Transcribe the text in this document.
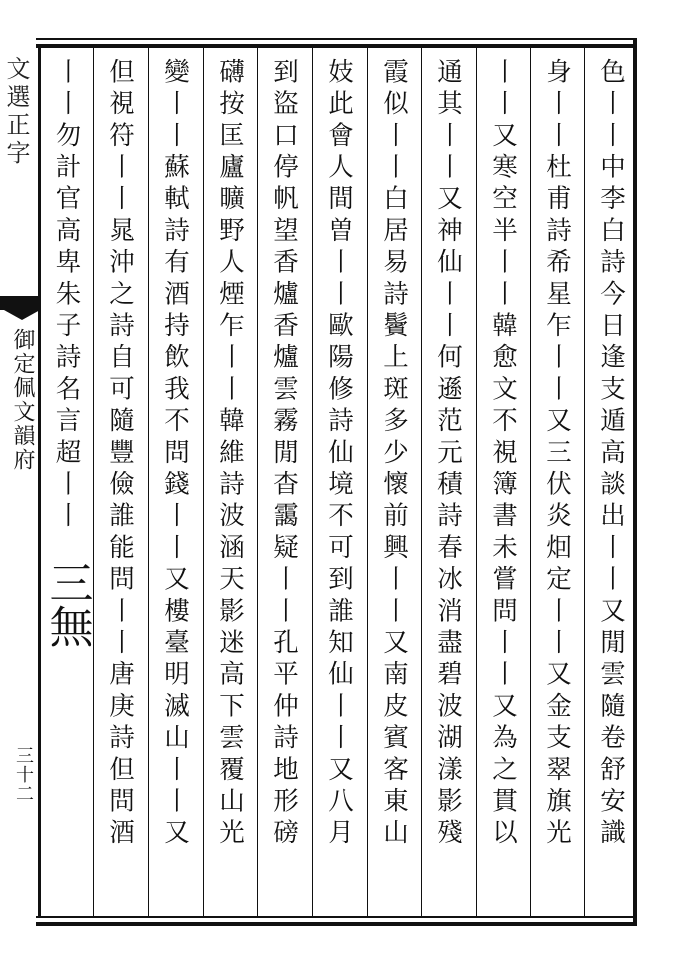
文選正字
御定佩文韻府
三十二	色丨丨中李白詩今日逢支遁高談出丨丨又閒雲隨卷舒安識
身丨丨杜甫詩希星乍丨丨又三伏炎𤇆定丨丨又金支翠旗光
丨丨又寒空半丨丨韓愈文不視簿書未嘗問丨丨又為之貫以
通其丨丨又神仙丨丨何遜范元積詩春冰消盡碧波湖漾影殘
霞似丨丨白居易詩鬢上斑多少懷前興丨丨又南皮賓客東山
妓此會人間曽丨丨歐陽修詩仙境不可到誰知仙丨丨又八月
到盜口停帆望香爐香爐雲霧閒杳靄疑丨丨孔平仲詩地形磅
礴按匡廬曠野人煙乍丨丨韓維詩波涵天影迷高下雲覆山光
變丨丨蘇軾詩有酒持飲我不問錢丨丨又樓臺明滅山丨丨又
但視符丨丨晁沖之詩自可隨豐儉誰能問丨丨唐庚詩但問酒
丨丨勿計官高卑朱子詩名言超丨丨
三無
